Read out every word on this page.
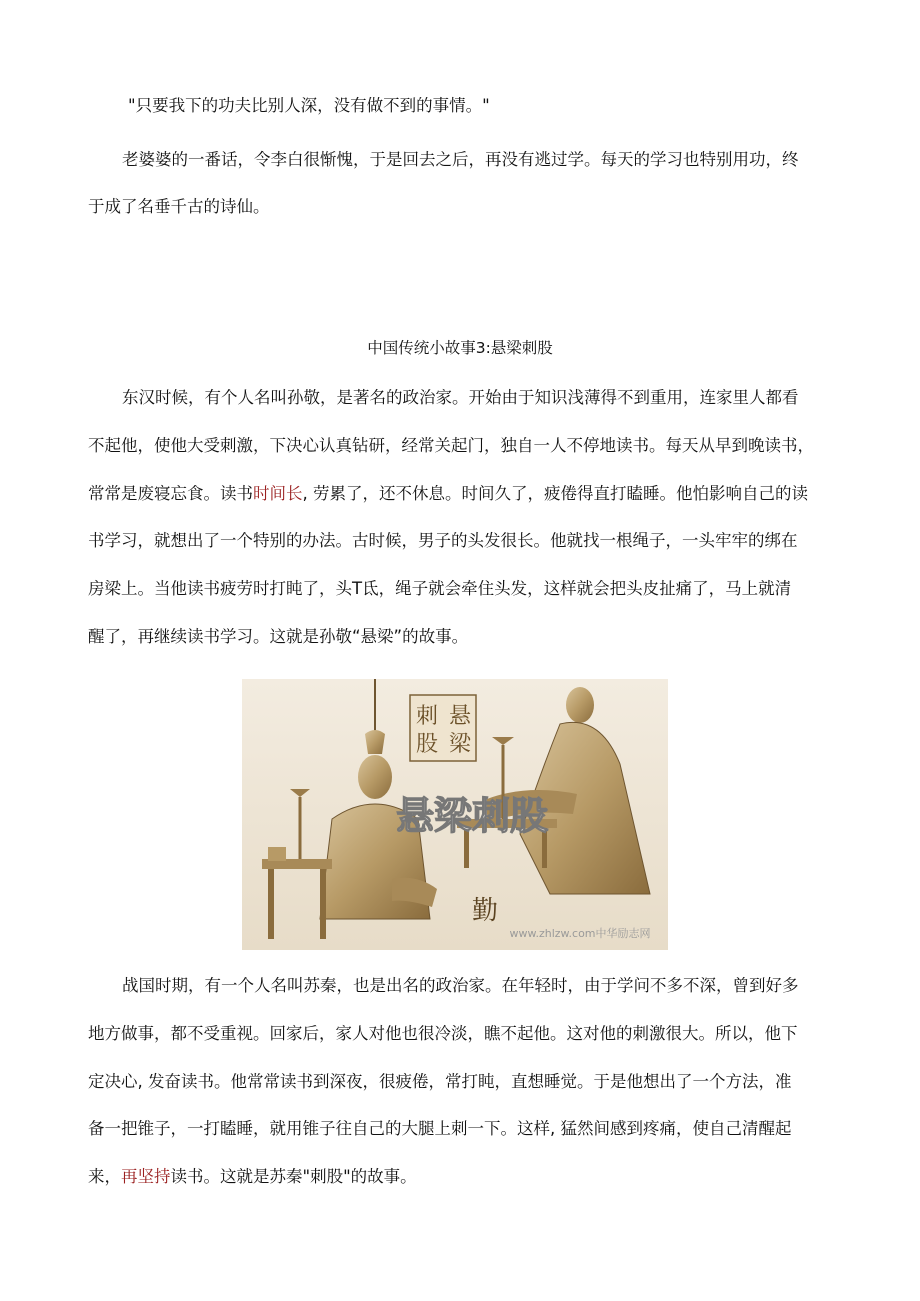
"只要我下的功夫比别人深，没有做不到的事情。"
老婆婆的一番话，令李白很惭愧，于是回去之后，再没有逃过学。每天的学习也特别用功，终
于成了名垂千古的诗仙。
中国传统小故事3:悬梁刺股
东汉时候，有个人名叫孙敬，是著名的政治家。开始由于知识浅薄得不到重用，连家里人都看
不起他，使他大受刺激，下决心认真钻研，经常关起门，独自一人不停地读书。每天从早到晚读书，
常常是废寝忘食。读书时间长, 劳累了，还不休息。时间久了，疲倦得直打瞌睡。他怕影响自己的读
书学习，就想出了一个特别的办法。古时候，男子的头发很长。他就找一根绳子，一头牢牢的绑在
房梁上。当他读书疲劳时打盹了，头T氐，绳子就会牵住头发，这样就会把头皮扯痛了，马上就清
醒了，再继续读书学习。这就是孙敬“悬梁”的故事。
悬
梁
刺
股
悬梁刺股
勤
www.zhlzw.com中华励志网
战国时期，有一个人名叫苏秦，也是出名的政治家。在年轻时，由于学问不多不深，曾到好多
地方做事，都不受重视。回家后，家人对他也很冷淡，瞧不起他。这对他的刺激很大。所以，他下
定决心, 发奋读书。他常常读书到深夜，很疲倦，常打盹，直想睡觉。于是他想出了一个方法，准
备一把锥子，一打瞌睡，就用锥子往自己的大腿上刺一下。这样, 猛然间感到疼痛，使自己清醒起
来，再坚持读书。这就是苏秦"刺股"的故事。
